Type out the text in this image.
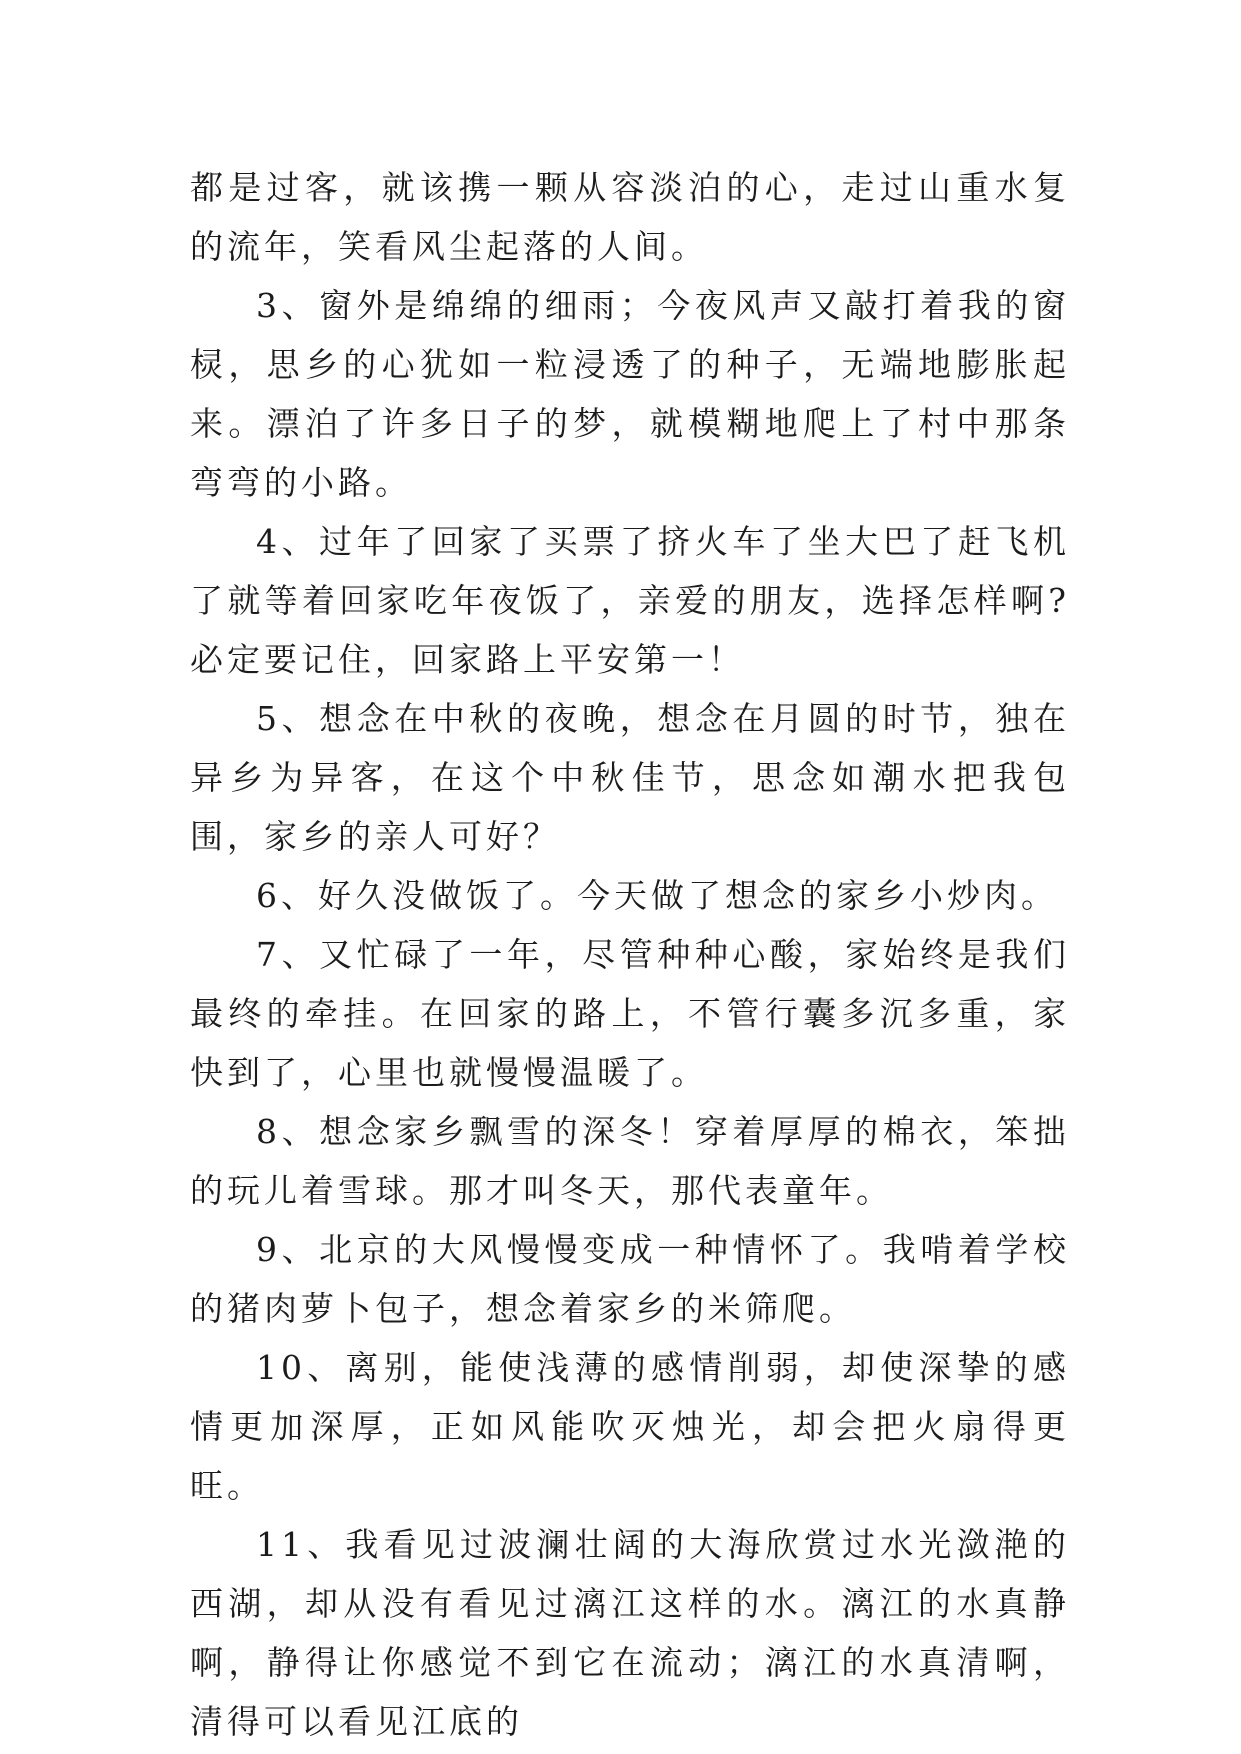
都是过客，就该携一颗从容淡泊的心，走过山重水复的流年，笑看风尘起落的人间。

3、窗外是绵绵的细雨；今夜风声又敲打着我的窗棂，思乡的心犹如一粒浸透了的种子，无端地膨胀起来。漂泊了许多日子的梦，就模糊地爬上了村中那条弯弯的小路。

4、过年了回家了买票了挤火车了坐大巴了赶飞机了就等着回家吃年夜饭了，亲爱的朋友，选择怎样啊?必定要记住，回家路上平安第一！

5、想念在中秋的夜晚，想念在月圆的时节，独在异乡为异客，在这个中秋佳节，思念如潮水把我包围，家乡的亲人可好？

6、好久没做饭了。今天做了想念的家乡小炒肉。

7、又忙碌了一年，尽管种种心酸，家始终是我们最终的牵挂。在回家的路上，不管行囊多沉多重，家快到了，心里也就慢慢温暖了。

8、想念家乡飘雪的深冬！穿着厚厚的棉衣，笨拙的玩儿着雪球。那才叫冬天，那代表童年。

9、北京的大风慢慢变成一种情怀了。我啃着学校的猪肉萝卜包子，想念着家乡的米筛爬。

10、离别，能使浅薄的感情削弱，却使深挚的感情更加深厚，正如风能吹灭烛光，却会把火扇得更旺。

11、我看见过波澜壮阔的大海欣赏过水光潋滟的西湖，却从没有看见过漓江这样的水。漓江的水真静啊，静得让你感觉不到它在流动；漓江的水真清啊，清得可以看见江底的
